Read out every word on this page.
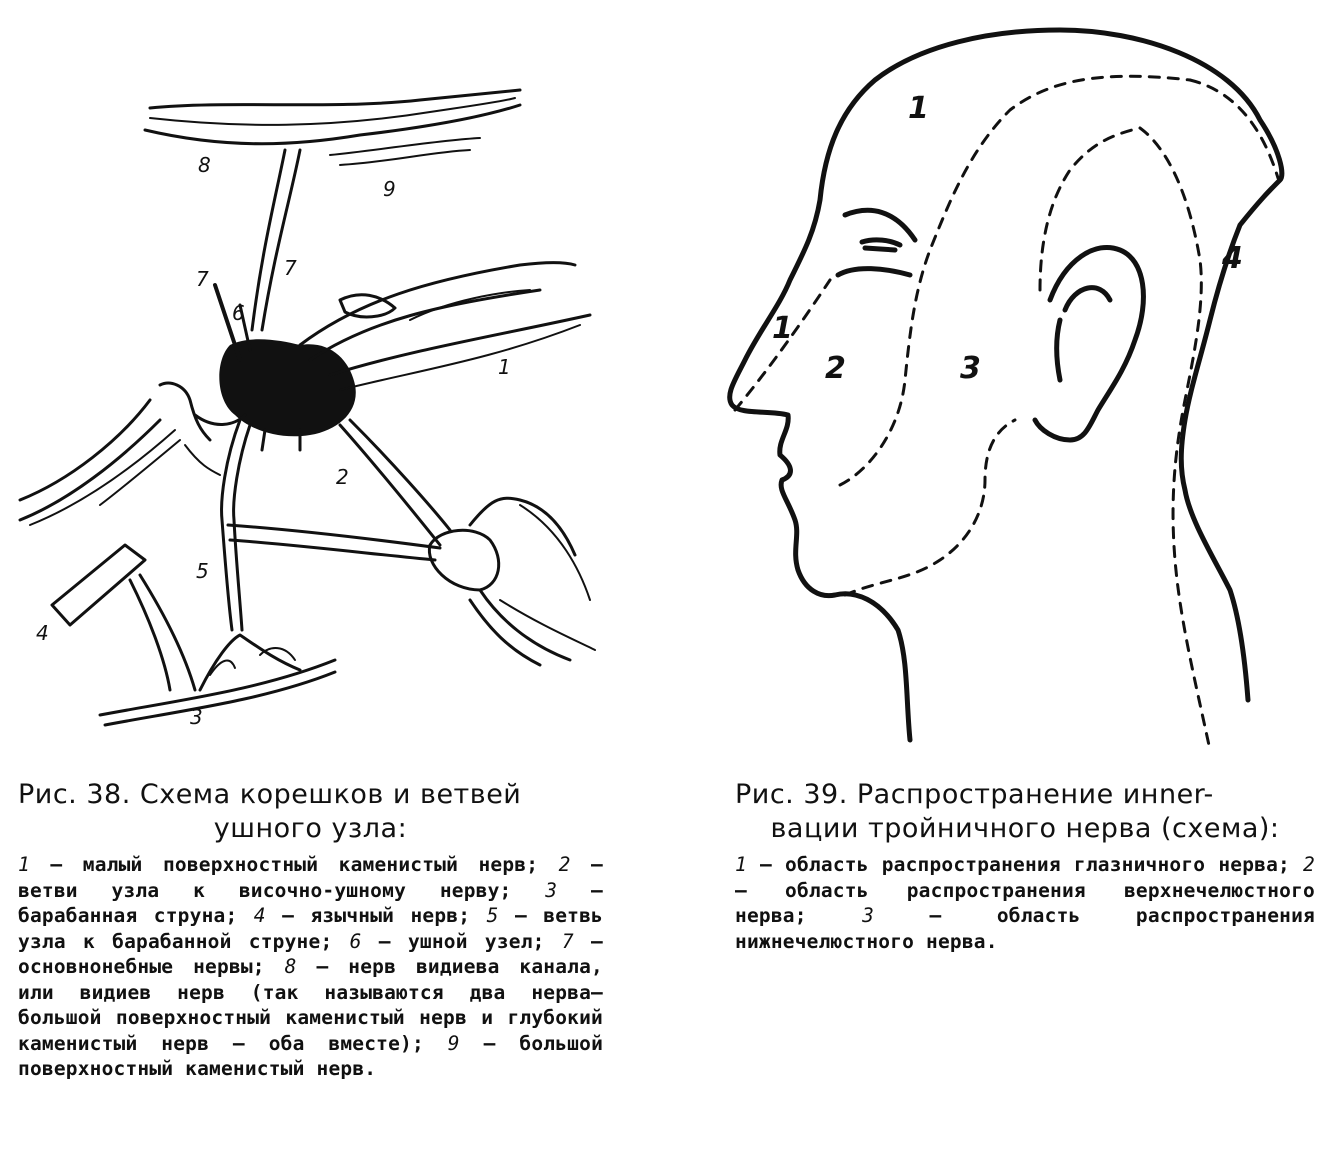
8
9
7	7
6
1
2
5
4
3
1
1
2	3
4

Рис. 38. Схема корешков и ветвей
ушного узла:

1 — малый поверхностный каменистый нерв; 2 — ветви узла к височно-ушному нерву; 3 — барабанная струна; 4 — язычный нерв; 5 — ветвь узла к барабанной струне; 6 — ушной узел; 7 — основнонебные нервы; 8 — нерв видиева канала, или видиев нерв (так называются два нерва—большой поверхностный каменистый нерв и глубокий каменистый нерв — оба вместе); 9 — большой поверхностный каменистый нерв.

Рис. 39. Распространение инner-
вации тройничного нерва (схема):

1 — область распространения глазничного нерва; 2 — область распространения верхнечелюстного нерва; 3 — область распространения нижнечелюстного нерва.
